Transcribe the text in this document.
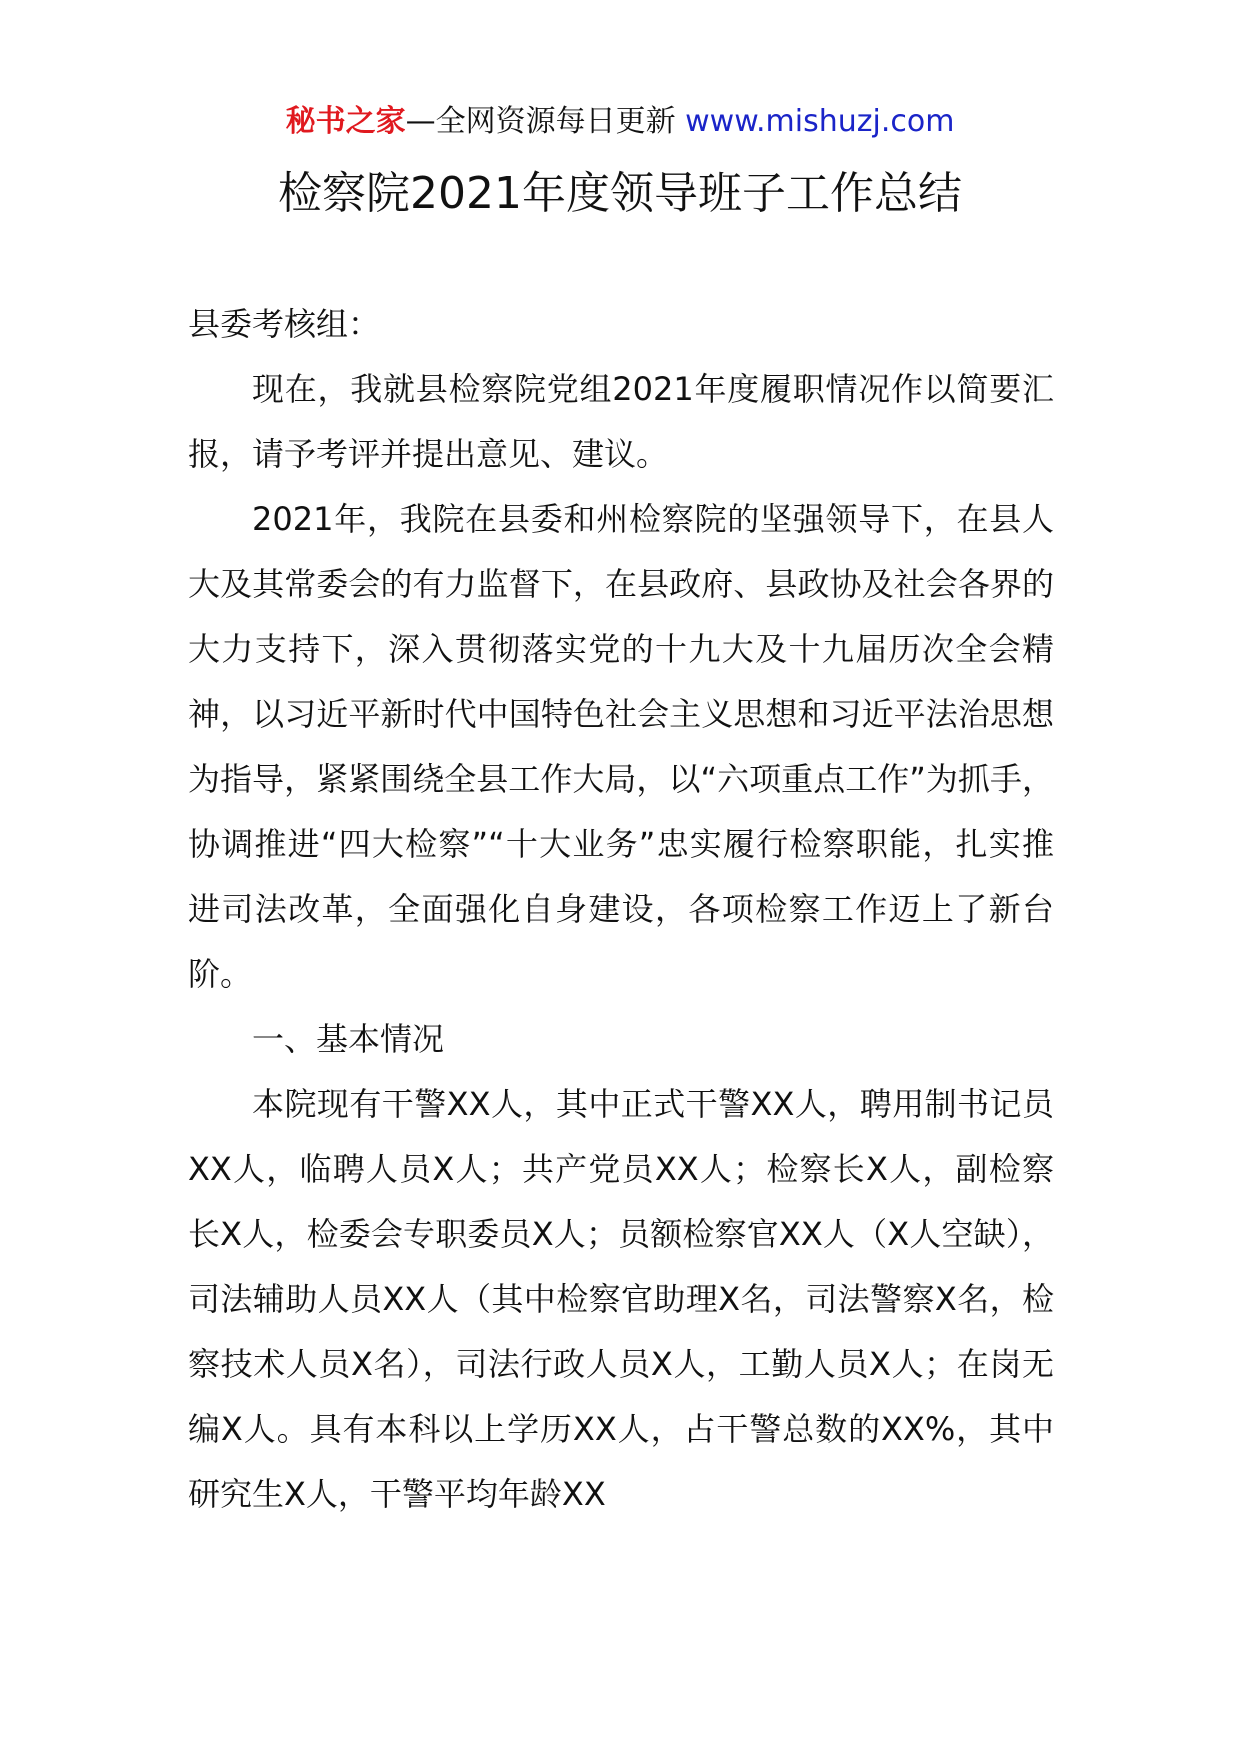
秘书之家—全网资源每日更新 www.mishuzj.com
检察院2021年度领导班子工作总结

县委考核组：

现在，我就县检察院党组2021年度履职情况作以简要汇报，请予考评并提出意见、建议。

2021年，我院在县委和州检察院的坚强领导下，在县人大及其常委会的有力监督下，在县政府、县政协及社会各界的大力支持下，深入贯彻落实党的十九大及十九届历次全会精神，以习近平新时代中国特色社会主义思想和习近平法治思想为指导，紧紧围绕全县工作大局，以“六项重点工作”为抓手，协调推进“四大检察”“十大业务”忠实履行检察职能，扎实推进司法改革，全面强化自身建设，各项检察工作迈上了新台阶。

一、基本情况

本院现有干警XX人，其中正式干警XX人，聘用制书记员XX人，临聘人员X人；共产党员XX人；检察长X人，副检察长X人，检委会专职委员X人；员额检察官XX人（X人空缺），司法辅助人员XX人（其中检察官助理X名，司法警察X名，检察技术人员X名），司法行政人员X人，工勤人员X人；在岗无编X人。具有本科以上学历XX人，占干警总数的XX%，其中研究生X人，干警平均年龄XX
